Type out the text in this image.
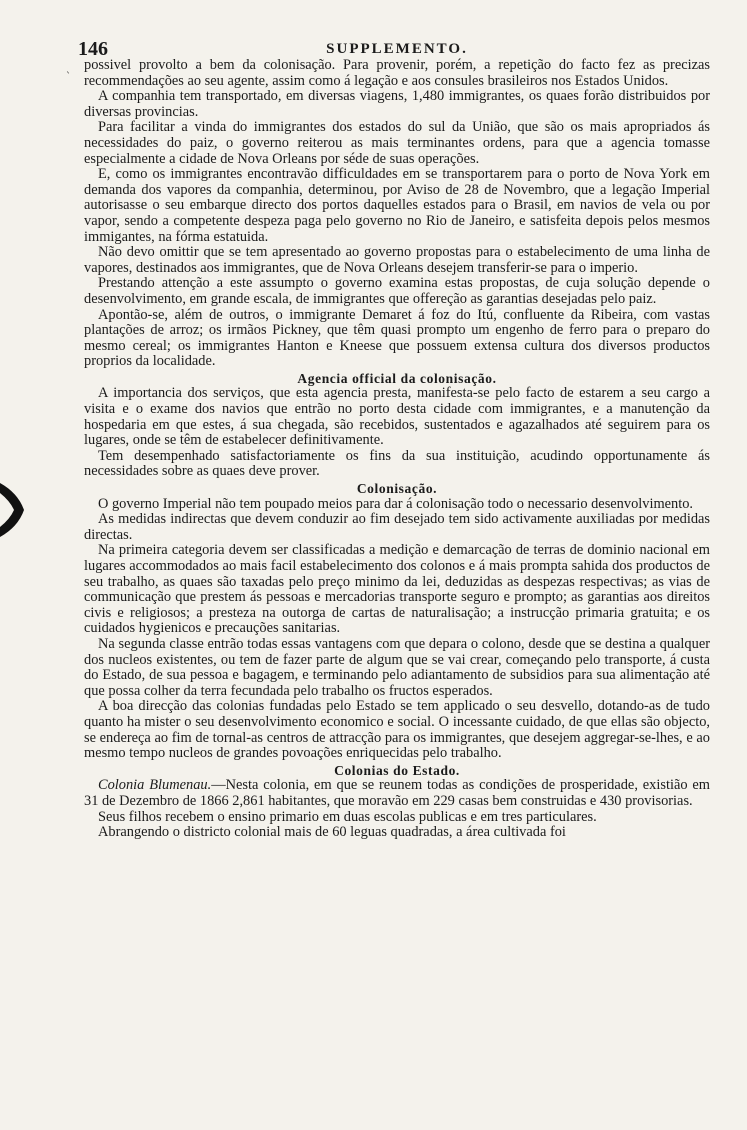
`
146	SUPPLEMENTO.

possivel provolto a bem da colonisação. Para provenir, porém, a repetição do facto fez as precizas recommendações ao seu agente, assim como á legação e aos consules brasileiros nos Estados Unidos.

A companhia tem transportado, em diversas viagens, 1,480 immigrantes, os quaes forão distribuidos por diversas provincias.

Para facilitar a vinda do immigrantes dos estados do sul da União, que são os mais apropriados ás necessidades do paiz, o governo reiterou as mais terminantes ordens, para que a agencia tomasse especialmente a cidade de Nova Orleans por séde de suas operações.

E, como os immigrantes encontravão difficuldades em se transportarem para o porto de Nova York em demanda dos vapores da companhia, determinou, por Aviso de 28 de Novembro, que a legação Imperial autorisasse o seu embarque directo dos portos daquelles estados para o Brasil, em navios de vela ou por vapor, sendo a competente despeza paga pelo governo no Rio de Janeiro, e satisfeita depois pelos mesmos immigantes, na fórma estatuida.

Não devo omittir que se tem apresentado ao governo propostas para o estabelecimento de uma linha de vapores, destinados aos immigrantes, que de Nova Orleans desejem transferir-se para o imperio.

Prestando attenção a este assumpto o governo examina estas propostas, de cuja solução depende o desenvolvimento, em grande escala, de immigrantes que offereção as garantias desejadas pelo paiz.

Apontão-se, além de outros, o immigrante Demaret á foz do Itú, confluente da Ribeira, com vastas plantações de arroz; os irmãos Pickney, que têm quasi prompto um engenho de ferro para o preparo do mesmo cereal; os immigrantes Hanton e Kneese que possuem extensa cultura dos diversos productos proprios da localidade.

Agencia official da colonisação.

A importancia dos serviços, que esta agencia presta, manifesta-se pelo facto de estarem a seu cargo a visita e o exame dos navios que entrão no porto desta cidade com immigrantes, e a manutenção da hospedaria em que estes, á sua chegada, são recebidos, sustentados e agazalhados até seguirem para os lugares, onde se têm de estabelecer definitivamente.

Tem desempenhado satisfactoriamente os fins da sua instituição, acudindo opportunamente ás necessidades sobre as quaes deve prover.

Colonisação.

O governo Imperial não tem poupado meios para dar á colonisação todo o necessario desenvolvimento.

As medidas indirectas que devem conduzir ao fim desejado tem sido activamente auxiliadas por medidas directas.

Na primeira categoria devem ser classificadas a medição e demarcação de terras de dominio nacional em lugares accommodados ao mais facil estabelecimento dos colonos e á mais prompta sahida dos productos de seu trabalho, as quaes são taxadas pelo preço minimo da lei, deduzidas as despezas respectivas; as vias de communicação que prestem ás pessoas e mercadorias transporte seguro e prompto; as garantias aos direitos civis e religiosos; a presteza na outorga de cartas de naturalisação; a instrucção primaria gratuita; e os cuidados hygienicos e precauções sanitarias.

Na segunda classe entrão todas essas vantagens com que depara o colono, desde que se destina a qualquer dos nucleos existentes, ou tem de fazer parte de algum que se vai crear, começando pelo transporte, á custa do Estado, de sua pessoa e bagagem, e terminando pelo adiantamento de subsidios para sua alimentação até que possa colher da terra fecundada pelo trabalho os fructos esperados.

A boa direcção das colonias fundadas pelo Estado se tem applicado o seu desvello, dotando-as de tudo quanto ha mister o seu desenvolvimento economico e social. O incessante cuidado, de que ellas são objecto, se endereça ao fim de tornal-as centros de attracção para os immigrantes, que desejem aggregar-se-lhes, e ao mesmo tempo nucleos de grandes povoações enriquecidas pelo trabalho.

Colonias do Estado.

Colonia Blumenau.—Nesta colonia, em que se reunem todas as condições de prosperidade, existião em 31 de Dezembro de 1866 2,861 habitantes, que moravão em 229 casas bem construidas e 430 provisorias.

Seus filhos recebem o ensino primario em duas escolas publicas e em tres particulares.

Abrangendo o districto colonial mais de 60 leguas quadradas, a área cultivada foi
